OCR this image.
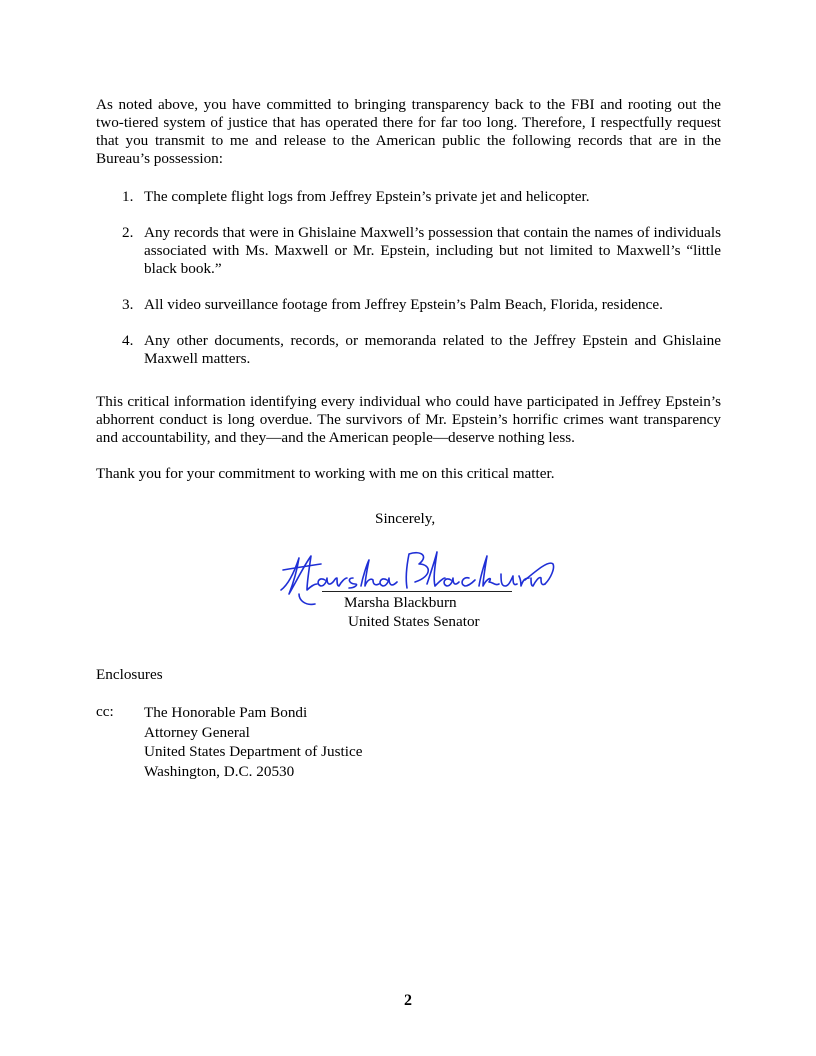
As noted above, you have committed to bringing transparency back to the FBI and rooting out the two-tiered system of justice that has operated there for far too long. Therefore, I respectfully request that you transmit to me and release to the American public the following records that are in the Bureau’s possession:

1. The complete flight logs from Jeffrey Epstein’s private jet and helicopter.
2. Any records that were in Ghislaine Maxwell’s possession that contain the names of individuals associated with Ms. Maxwell or Mr. Epstein, including but not limited to Maxwell’s “little black book.”
3. All video surveillance footage from Jeffrey Epstein’s Palm Beach, Florida, residence.
4. Any other documents, records, or memoranda related to the Jeffrey Epstein and Ghislaine Maxwell matters.

This critical information identifying every individual who could have participated in Jeffrey Epstein’s abhorrent conduct is long overdue. The survivors of Mr. Epstein’s horrific crimes want transparency and accountability, and they—and the American people—deserve nothing less.

Thank you for your commitment to working with me on this critical matter.

Sincerely,
Marsha Blackburn
United States Senator
Enclosures
cc: The Honorable Pam Bondi
Attorney General
United States Department of Justice
Washington, D.C. 20530
2
